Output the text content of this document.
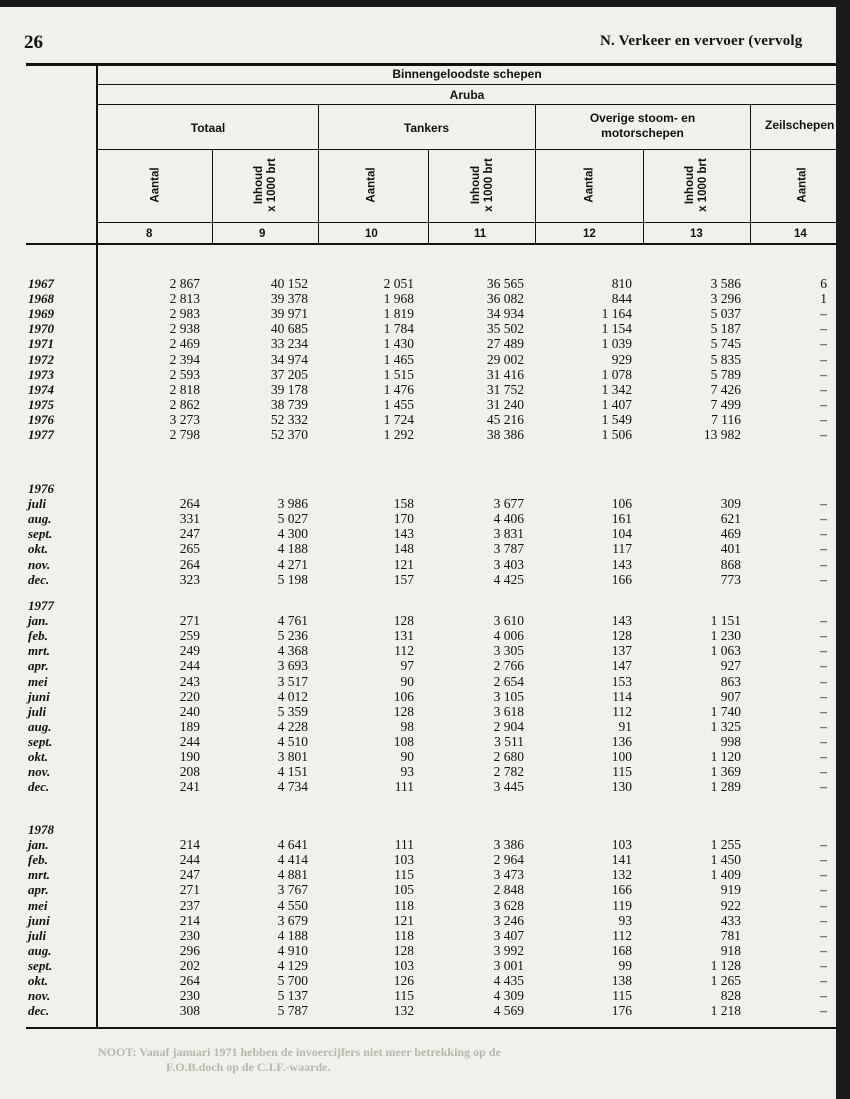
26	N. Verkeer en vervoer (vervolg
Binnengeloodste schepen
Aruba
Totaal	Tankers
Overige stoom- en
motorschepen
Zeilschepen
Aantal	Inhoud x 1000 brt	Aantal	Inhoud x 1000 brt	Aantal	Inhoud x 1000 brt	Aantal
8	9	10	11	12	13	14
1967	2 867	40 152	2 051	36 565	810	3 586	6
1968	2 813	39 378	1 968	36 082	844	3 296	1
1969	2 983	39 971	1 819	34 934	1 164	5 037	–
1970	2 938	40 685	1 784	35 502	1 154	5 187	–
1971	2 469	33 234	1 430	27 489	1 039	5 745	–
1972	2 394	34 974	1 465	29 002	929	5 835	–
1973	2 593	37 205	1 515	31 416	1 078	5 789	–
1974	2 818	39 178	1 476	31 752	1 342	7 426	–
1975	2 862	38 739	1 455	31 240	1 407	7 499	–
1976	3 273	52 332	1 724	45 216	1 549	7 116	–
1977	2 798	52 370	1 292	38 386	1 506	13 982	–
1976
juli	264	3 986	158	3 677	106	309	–
aug.	331	5 027	170	4 406	161	621	–
sept.	247	4 300	143	3 831	104	469	–
okt.	265	4 188	148	3 787	117	401	–
nov.	264	4 271	121	3 403	143	868	–
dec.	323	5 198	157	4 425	166	773	–
1977
jan.	271	4 761	128	3 610	143	1 151	–
feb.	259	5 236	131	4 006	128	1 230	–
mrt.	249	4 368	112	3 305	137	1 063	–
apr.	244	3 693	97	2 766	147	927	–
mei	243	3 517	90	2 654	153	863	–
juni	220	4 012	106	3 105	114	907	–
juli	240	5 359	128	3 618	112	1 740	–
aug.	189	4 228	98	2 904	91	1 325	–
sept.	244	4 510	108	3 511	136	998	–
okt.	190	3 801	90	2 680	100	1 120	–
nov.	208	4 151	93	2 782	115	1 369	–
dec.	241	4 734	111	3 445	130	1 289	–
1978
jan.	214	4 641	111	3 386	103	1 255	–
feb.	244	4 414	103	2 964	141	1 450	–
mrt.	247	4 881	115	3 473	132	1 409	–
apr.	271	3 767	105	2 848	166	919	–
mei	237	4 550	118	3 628	119	922	–
juni	214	3 679	121	3 246	93	433	–
juli	230	4 188	118	3 407	112	781	–
aug.	296	4 910	128	3 992	168	918	–
sept.	202	4 129	103	3 001	99	1 128	–
okt.	264	5 700	126	4 435	138	1 265	–
nov.	230	5 137	115	4 309	115	828	–
dec.	308	5 787	132	4 569	176	1 218	–
NOOT: Vanaf januari 1971 hebben de invoercijfers niet meer betrekking op de
F.O.B.doch op de C.I.F.-waarde.
